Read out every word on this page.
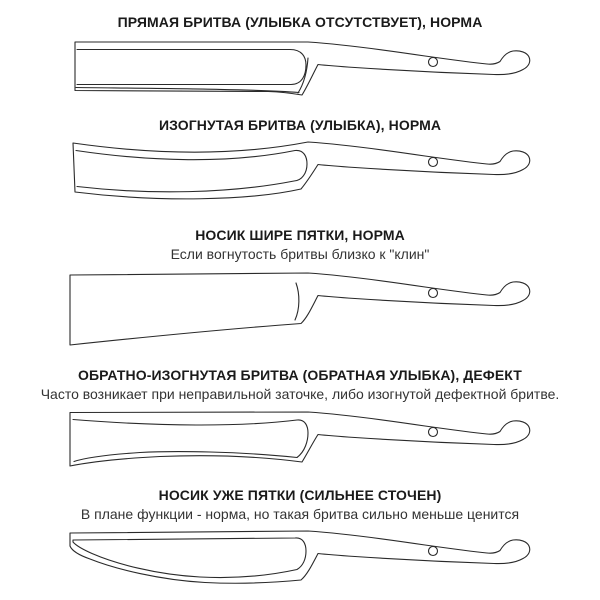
ПРЯМАЯ БРИТВА (УЛЫБКА ОТСУТСТВУЕТ), НОРМА
ИЗОГНУТАЯ БРИТВА (УЛЫБКА), НОРМА
НОСИК ШИРЕ ПЯТКИ, НОРМА
Если вогнутость бритвы близко к "клин"
ОБРАТНО-ИЗОГНУТАЯ БРИТВА (ОБРАТНАЯ УЛЫБКА), ДЕФЕКТ
Часто возникает при неправильной заточке, либо изогнутой дефектной бритве.
НОСИК УЖЕ ПЯТКИ (СИЛЬНЕЕ СТОЧЕН)
В плане функции - норма, но такая бритва сильно меньше ценится
